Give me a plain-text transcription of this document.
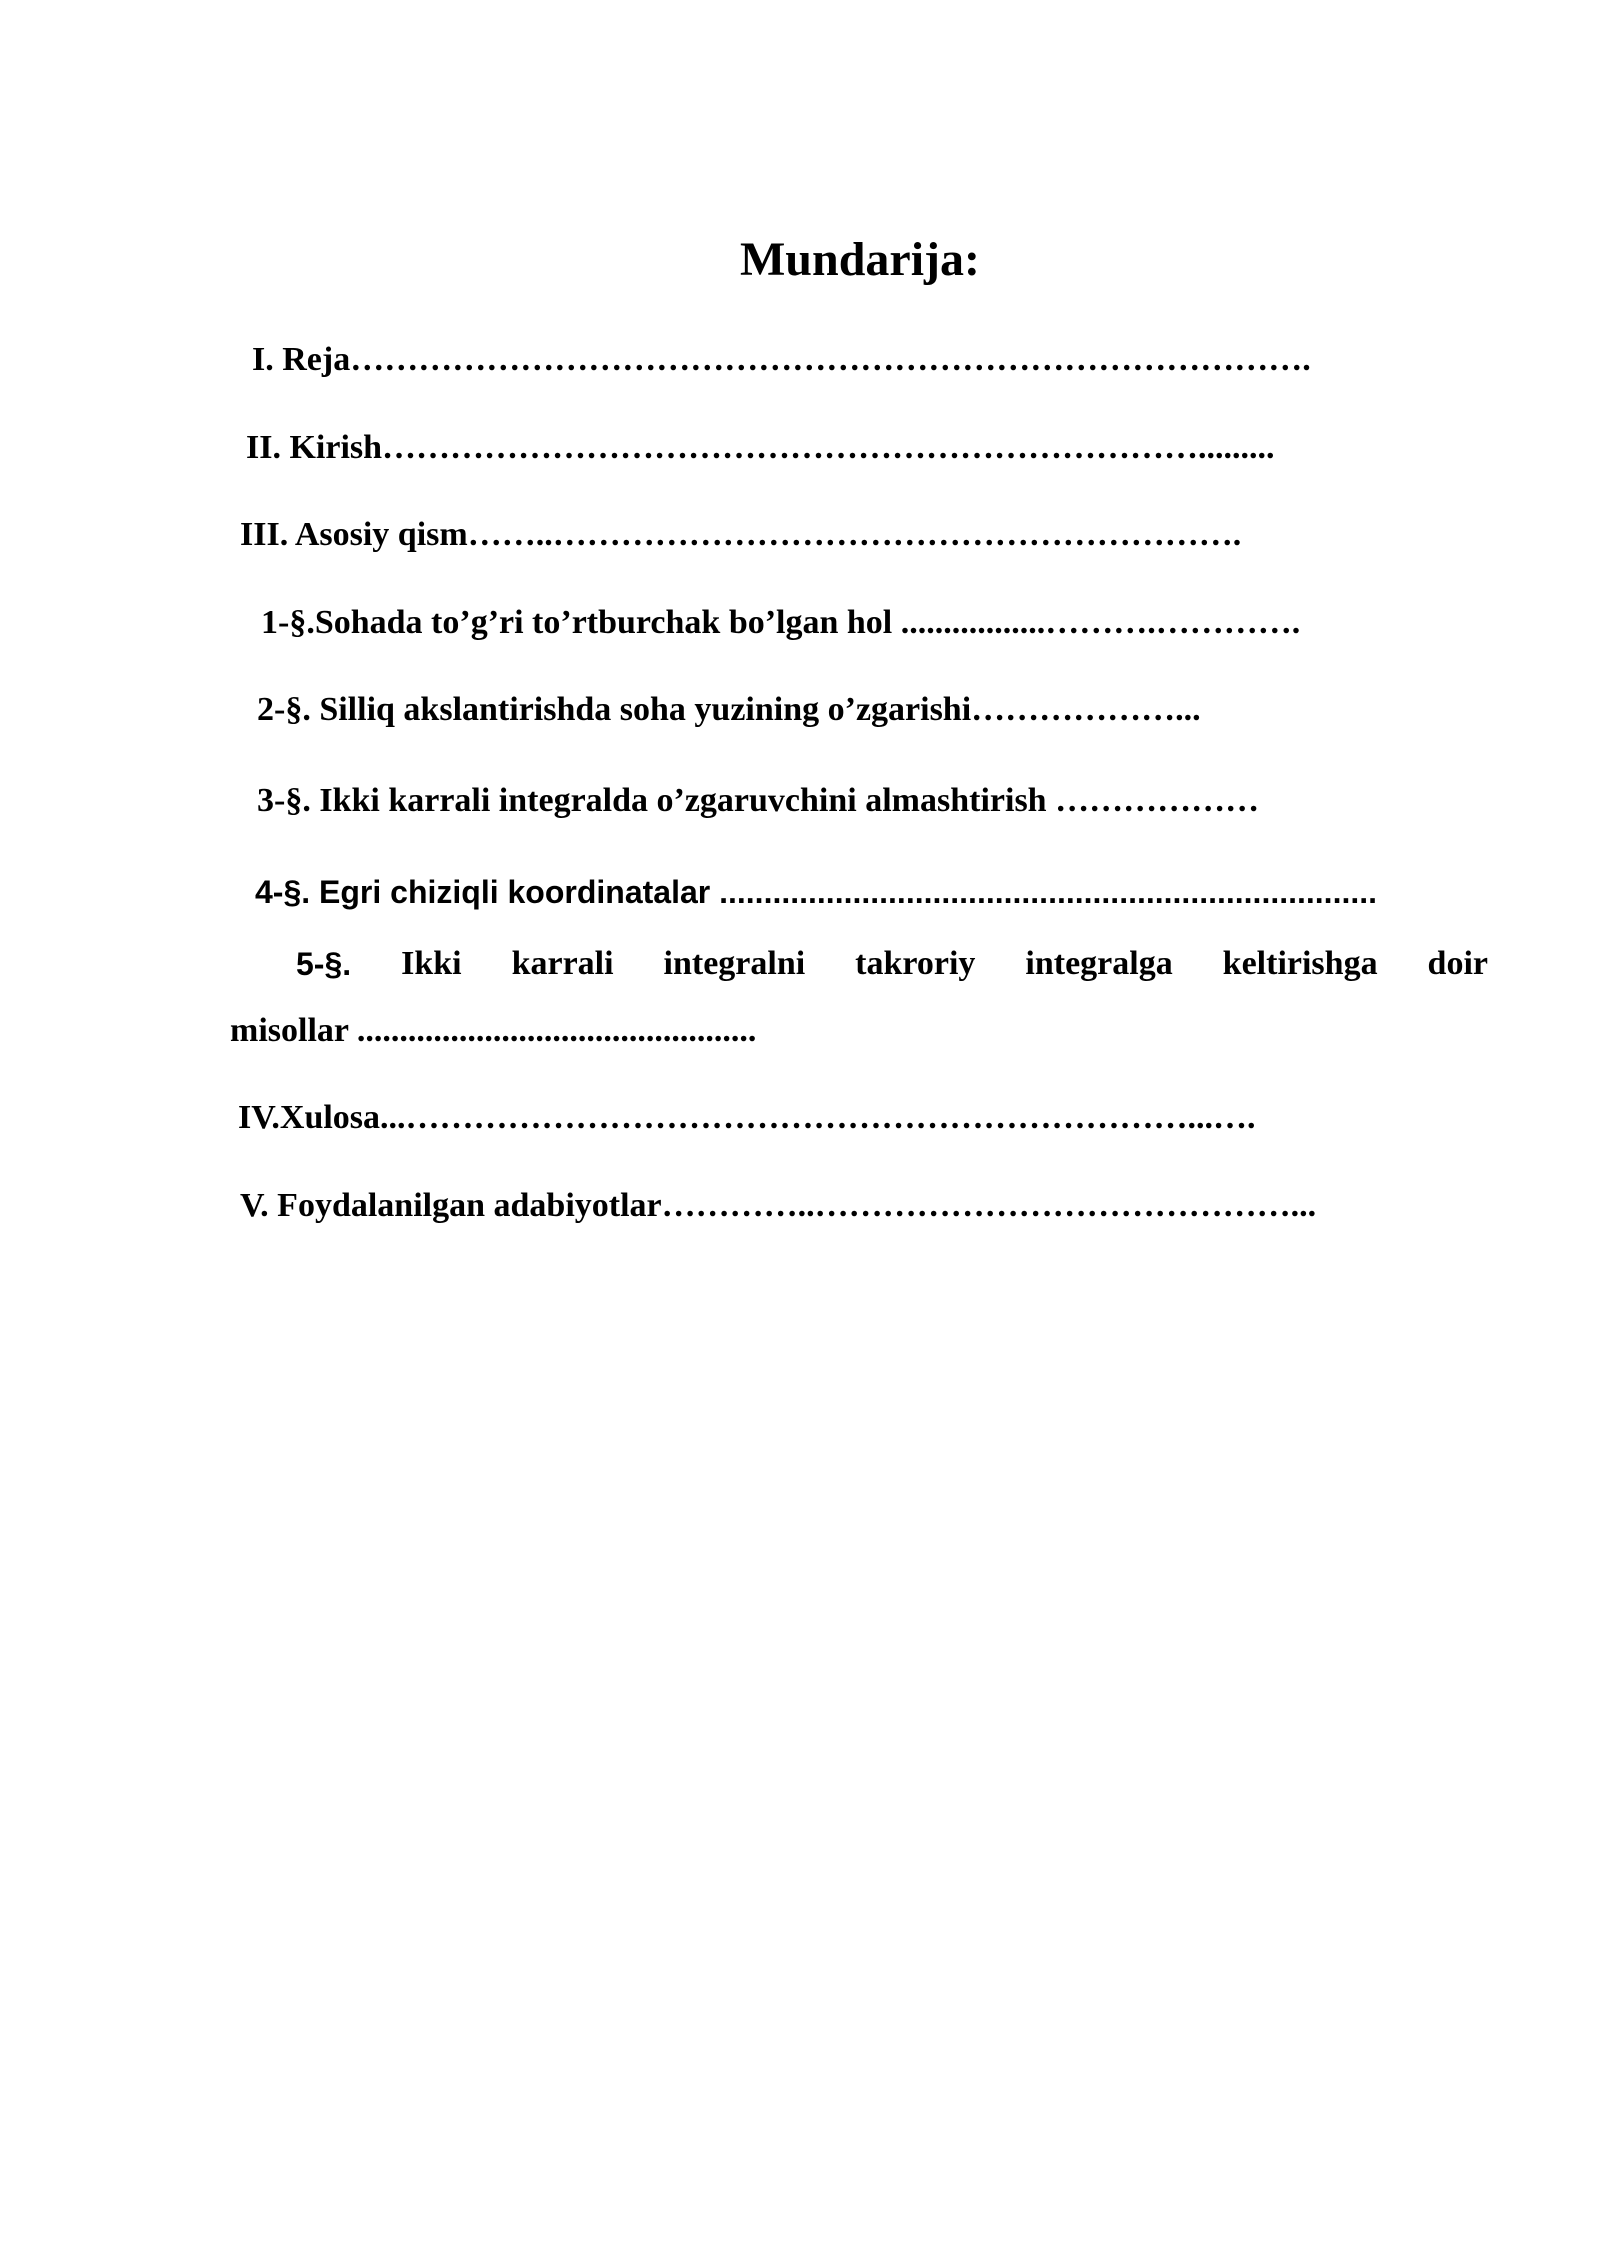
Mundarija:
I. Reja………………………………………………………………………….
II. Kirish……………………………………………………………….........
III. Asosiy qism……..…………………………………………………….
1-§.Sohada to’g’ri to’rtburchak bo’lgan hol .................……….………….
2-§. Silliq akslantirishda soha yuzining o’zgarishi………………...
3-§. Ikki karrali integralda o’zgaruvchini almashtirish ………………
4-§. Egri chiziqli koordinatalar ..........................................................................
5-§. Ikki karrali integralni takroriy integralga keltirishga doir
misollar ...............................................
IV.Xulosa...……………………………………………………………...….
V. Foydalanilgan adabiyotlar…………..……………………………………...
